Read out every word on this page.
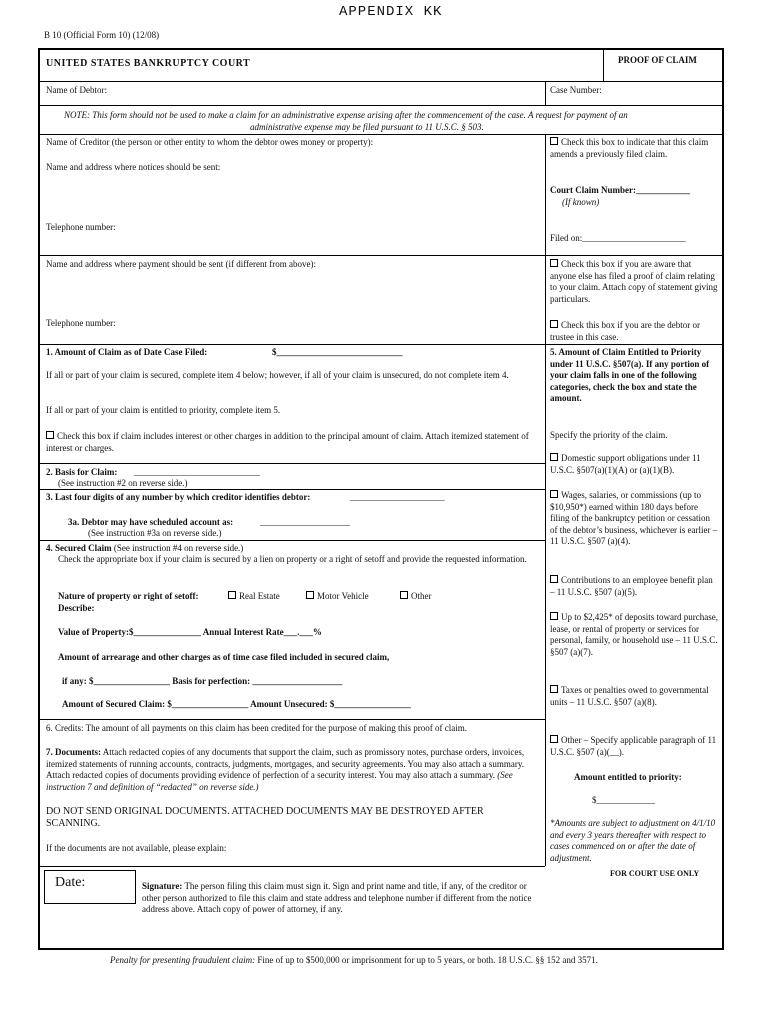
APPENDIX KK
B 10 (Official Form 10) (12/08)
UNITED STATES BANKRUPTCY COURT	PROOF OF CLAIM
Name of Debtor:	Case Number:
NOTE: This form should not be used to make a claim for an administrative expense arising after the commencement of the case. A request for payment of an
administrative expense may be filed pursuant to 11 U.S.C. § 503.
Name of Creditor (the person or other entity to whom the debtor owes money or property):
Name and address where notices should be sent:
Telephone number:
Check this box to indicate that this claim amends a previously filed claim.
Court Claim Number:____________
(If known)
Filed on:_______________________
Name and address where payment should be sent (if different from above):
Telephone number:
Check this box if you are aware that anyone else has filed a proof of claim relating to your claim. Attach copy of statement giving particulars.
Check this box if you are the debtor or trustee in this case.
1. Amount of Claim as of Date Case Filed:	$____________________________
If all or part of your claim is secured, complete item 4 below; however, if all of your claim is unsecured, do not complete item 4.
If all or part of your claim is entitled to priority, complete item 5.
Check this box if claim includes interest or other charges in addition to the principal amount of claim. Attach itemized statement of interest or charges.
2. Basis for Claim: ____________________________
(See instruction #2 on reverse side.)
3. Last four digits of any number by which creditor identifies debtor:	_____________________
3a. Debtor may have scheduled account as:	____________________
(See instruction #3a on reverse side.)
4. Secured Claim (See instruction #4 on reverse side.)
Check the appropriate box if your claim is secured by a lien on property or a right of setoff and provide the requested information.
Nature of property or right of setoff:	Real Estate	Motor Vehicle	Other
Describe:
Value of Property:$_______________ Annual Interest Rate___.___%
Amount of arrearage and other charges as of time case filed included in secured claim,
if any: $_________________ Basis for perfection: ____________________
Amount of Secured Claim: $_________________ Amount Unsecured: $_________________
5. Amount of Claim Entitled to Priority under 11 U.S.C. §507(a). If any portion of your claim falls in one of the following categories, check the box and state the amount.
Specify the priority of the claim.
Domestic support obligations under 11 U.S.C. §507(a)(1)(A) or (a)(1)(B).
Wages, salaries, or commissions (up to $10,950*) earned within 180 days before filing of the bankruptcy petition or cessation of the debtor’s business, whichever is earlier – 11 U.S.C. §507 (a)(4).
Contributions to an employee benefit plan – 11 U.S.C. §507 (a)(5).
Up to $2,425* of deposits toward purchase, lease, or rental of property or services for personal, family, or household use – 11 U.S.C. §507 (a)(7).
Taxes or penalties owed to governmental units – 11 U.S.C. §507 (a)(8).
Other – Specify applicable paragraph of 11 U.S.C. §507 (a)(__).
Amount entitled to priority:
$_____________
*Amounts are subject to adjustment on 4/1/10 and every 3 years thereafter with respect to cases commenced on or after the date of adjustment.
6. Credits: The amount of all payments on this claim has been credited for the purpose of making this proof of claim.
7. Documents: Attach redacted copies of any documents that support the claim, such as promissory notes, purchase orders, invoices, itemized statements of running accounts, contracts, judgments, mortgages, and security agreements. You may also attach a summary. Attach redacted copies of documents providing evidence of perfection of a security interest. You may also attach a summary. (See instruction 7 and definition of “redacted” on reverse side.)
DO NOT SEND ORIGINAL DOCUMENTS. ATTACHED DOCUMENTS MAY BE DESTROYED AFTER SCANNING.
If the documents are not available, please explain:
FOR COURT USE ONLY
Date:	Signature: The person filing this claim must sign it. Sign and print name and title, if any, of the creditor or other person authorized to file this claim and state address and telephone number if different from the notice address above. Attach copy of power of attorney, if any.
Penalty for presenting fraudulent claim: Fine of up to $500,000 or imprisonment for up to 5 years, or both. 18 U.S.C. §§ 152 and 3571.
